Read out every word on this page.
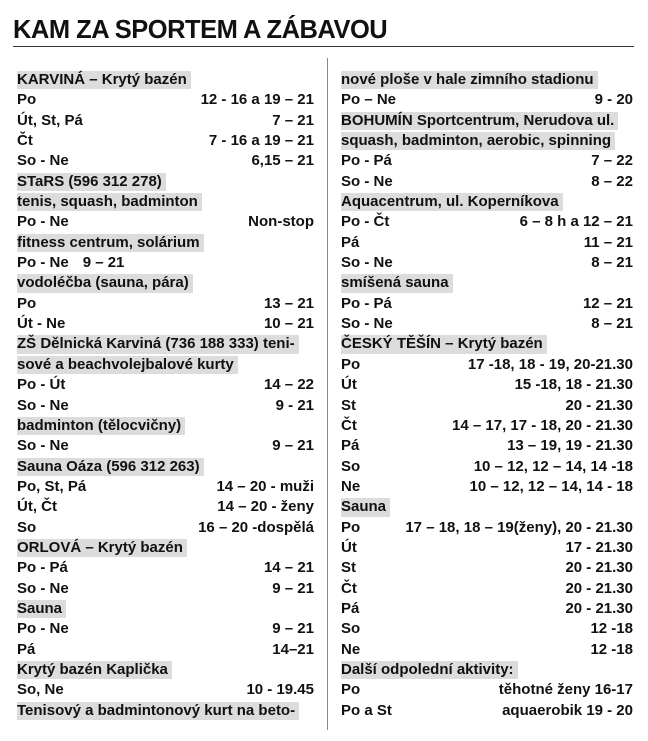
KAM ZA SPORTEM A ZÁBAVOU
KARVINÁ – Krytý bazén
Po	12 - 16 a 19 – 21
Út, St, Pá	7 – 21
Čt	7 - 16 a 19 – 21
So - Ne	6,15 – 21
STaRS (596 312 278)
tenis, squash, badminton
Po - Ne	Non-stop
fitness centrum, solárium
Po - Ne 9 – 21
vodoléčba (sauna, pára)
Po	13 – 21
Út - Ne	10 – 21
ZŠ Dělnická Karviná (736 188 333) teni-
sové a beachvolejbalové kurty
Po - Út	14 – 22
So - Ne	9 - 21
badminton (tělocvičny)
So - Ne	9 – 21
Sauna Oáza (596 312 263)
Po, St, Pá	14 – 20 - muži
Út, Čt	14 – 20 - ženy
So	16 – 20 -dospělá
ORLOVÁ – Krytý bazén
Po - Pá	14 – 21
So - Ne	9 – 21
Sauna
Po - Ne	9 – 21
Pá	14–21
Krytý bazén Kaplička
So, Ne	10 - 19.45
Tenisový a badmintonový kurt na beto-
nové ploše v hale zimního stadionu
Po – Ne	9 - 20
BOHUMÍN Sportcentrum, Nerudova ul.
squash, badminton, aerobic, spinning
Po - Pá	7 – 22
So - Ne	8 – 22
Aquacentrum, ul. Koperníkova
Po - Čt	6 – 8 h a 12 – 21
Pá	11 – 21
So - Ne	8 – 21
smíšená sauna
Po - Pá	12 – 21
So - Ne	8 – 21
ČESKÝ TĚŠÍN – Krytý bazén
Po	17 -18, 18 - 19, 20-21.30
Út	15 -18, 18 - 21.30
St	20 - 21.30
Čt	14 – 17, 17 - 18, 20 - 21.30
Pá	13 – 19, 19 - 21.30
So	10 – 12, 12 – 14, 14 -18
Ne	10 – 12, 12 – 14, 14 - 18
Sauna
Po	17 – 18, 18 – 19(ženy), 20 - 21.30
Út	17 - 21.30
St	20 - 21.30
Čt	20 - 21.30
Pá	20 - 21.30
So	12 -18
Ne	12 -18
Další odpolední aktivity:
Po	těhotné ženy 16-17
Po a St	aquaerobik 19 - 20
